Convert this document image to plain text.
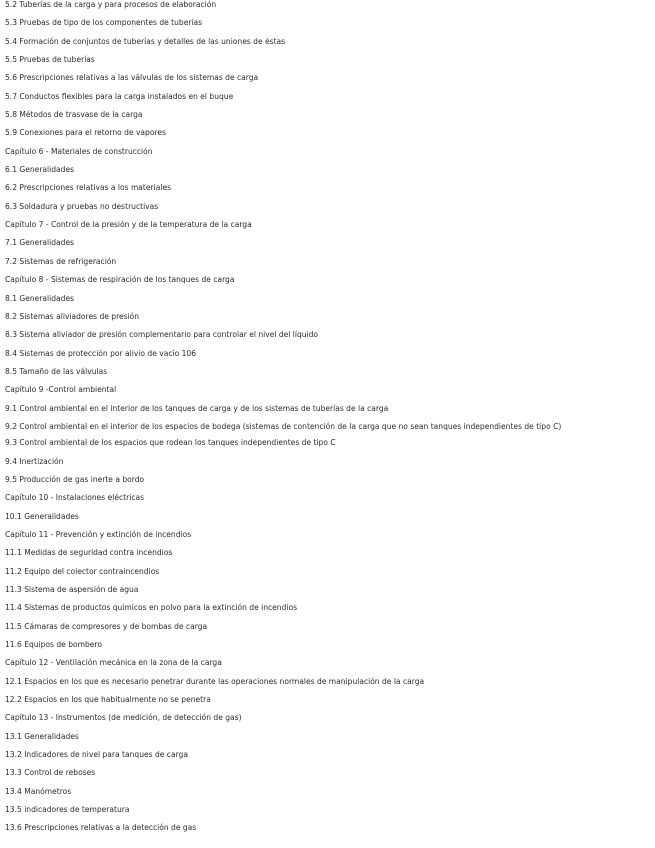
5.2 Tuberías de la carga y para procesos de elaboración
5.3 Pruebas de tipo de los componentes de tuberías
5.4 Formación de conjuntos de tuberías y detalles de las uniones de éstas
5.5 Pruebas de tuberías
5.6 Prescripciones relativas a las válvulas de los sistemas de carga
5.7 Conductos flexibles para la carga instalados en el buque
5.8 Métodos de trasvase de la carga
5.9 Conexiones para el retorno de vapores
Capítulo 6 - Materiales de construcción
6.1 Generalidades
6.2 Prescripciones relativas a los materiales
6.3 Soldadura y pruebas no destructivas
Capítulo 7 - Control de la presión y de la temperatura de la carga
7.1 Generalidades
7.2 Sistemas de refrigeración
Capítulo 8 - Sistemas de respiración de los tanques de carga
8.1 Generalidades
8.2 Sistemas aliviadores de presión
8.3 Sistema aliviador de presión complementario para controlar el nivel del líquido
8.4 Sistemas de protección por alivio de vacío 106
8.5 Tamaño de las válvulas
Capítulo 9 -Control ambiental
9.1 Control ambiental en el interior de los tanques de carga y de los sistemas de tuberías de la carga
9.2 Control ambiental en el interior de los espacios de bodega (sistemas de contención de la carga que no sean tanques independientes de tipo C)
9.3 Control ambiental de los espacios que rodean los tanques independientes de tipo C
9.4 Inertización
9.5 Producción de gas inerte a bordo
Capítulo 10 - Instalaciones eléctricas
10.1 Generalidades
Capítulo 11 - Prevención y extinción de incendios
11.1 Medidas de seguridad contra incendios
11.2 Equipo del colector contraincendios
11.3 Sistema de aspersión de agua
11.4 Sistemas de productos químicos en polvo para la extinción de incendios
11.5 Cámaras de compresores y de bombas de carga
11.6 Equipos de bombero
Capítulo 12 - Ventilación mecánica en la zona de la carga
12.1 Espacios en los que es necesario penetrar durante las operaciones normales de manipulación de la carga
12.2 Espacios en los que habitualmente no se penetra
Capítulo 13 - Instrumentos (de medición, de detección de gas)
13.1 Generalidades
13.2 Indicadores de nivel para tanques de carga
13.3 Control de reboses
13.4 Manómetros
13.5 indicadores de temperatura
13.6 Prescripciones relativas a la detección de gas
